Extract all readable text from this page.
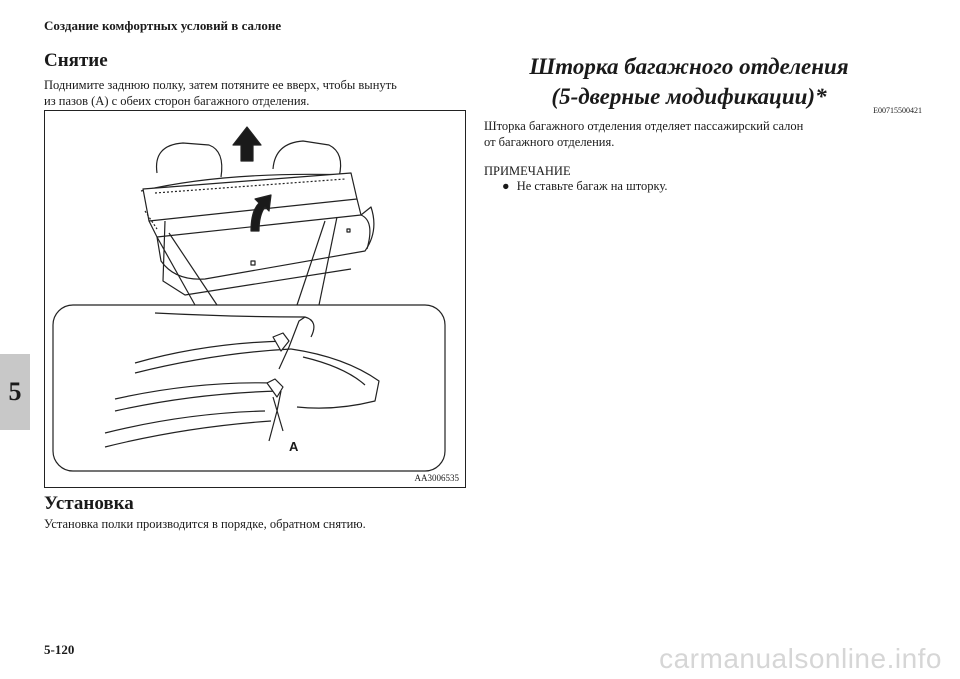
Создание комфортных условий в салоне
5
Снятие
Поднимите заднюю полку, затем потяните ее вверх, чтобы вынуть
из пазов (A) с обеих сторон багажного отделения.
A
AA3006535
Установка
Установка полки производится в порядке, обратном снятию.
Шторка багажного отделения
(5-дверные модификации)*
E00715500421
Шторка багажного отделения отделяет пассажирский салон
от багажного отделения.
ПРИМЕЧАНИЕ
● Не ставьте багаж на шторку.
5-120	carmanualsonline.info
